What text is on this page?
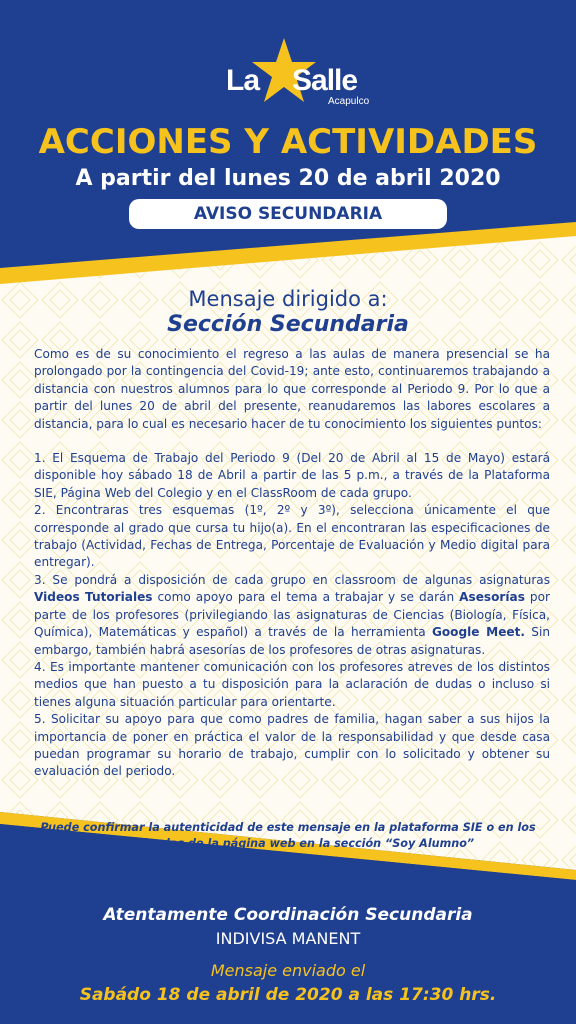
La Salle
Acapulco
ACCIONES Y ACTIVIDADES
A partir del lunes 20 de abril 2020
AVISO SECUNDARIA
Mensaje dirigido a:
Sección Secundaria

Como es de su conocimiento el regreso a las aulas de manera presencial se ha prolongado por la contingencia del Covid-19; ante esto, continuaremos trabajando a distancia con nuestros alumnos para lo que corresponde al Periodo 9. Por lo que a partir del lunes 20 de abril del presente, reanudaremos las labores escolares a distancia, para lo cual es necesario hacer de tu conocimiento los siguientes puntos:

1. El Esquema de Trabajo del Periodo 9 (Del 20 de Abril al 15 de Mayo) estará disponible hoy sábado 18 de Abril a partir de las 5 p.m., a través de la Plataforma SIE, Página Web del Colegio y en el ClassRoom de cada grupo.

2. Encontraras tres esquemas (1º, 2º y 3º), selecciona únicamente el que corresponde al grado que cursa tu hijo(a). En el encontraran las especificaciones de trabajo (Actividad, Fechas de Entrega, Porcentaje de Evaluación y Medio digital para entregar).

3. Se pondrá a disposición de cada grupo en classroom de algunas asignaturas Videos Tutoriales como apoyo para el tema a trabajar y se darán Asesorías por parte de los profesores (privilegiando las asignaturas de Ciencias (Biología, Física, Química), Matemáticas y español) a través de la herramienta Google Meet. Sin embargo, también habrá asesorías de los profesores de otras asignaturas.

4. Es importante mantener comunicación con los profesores atreves de los distintos medios que han puesto a tu disposición para la aclaración de dudas o incluso si tienes alguna situación particular para orientarte.

5. Solicitar su apoyo para que como padres de familia, hagan saber a sus hijos la importancia de poner en práctica el valor de la responsabilidad y que desde casa puedan programar su horario de trabajo, cumplir con lo solicitado y obtener su evaluación del periodo.

Puede confirmar la autenticidad de este mensaje en la plataforma SIE o en los
comunicados de la página web en la sección “Soy Alumno”
Atentamente Coordinación Secundaria
INDIVISA MANENT
Mensaje enviado el
Sabádo 18 de abril de 2020 a las 17:30 hrs.
